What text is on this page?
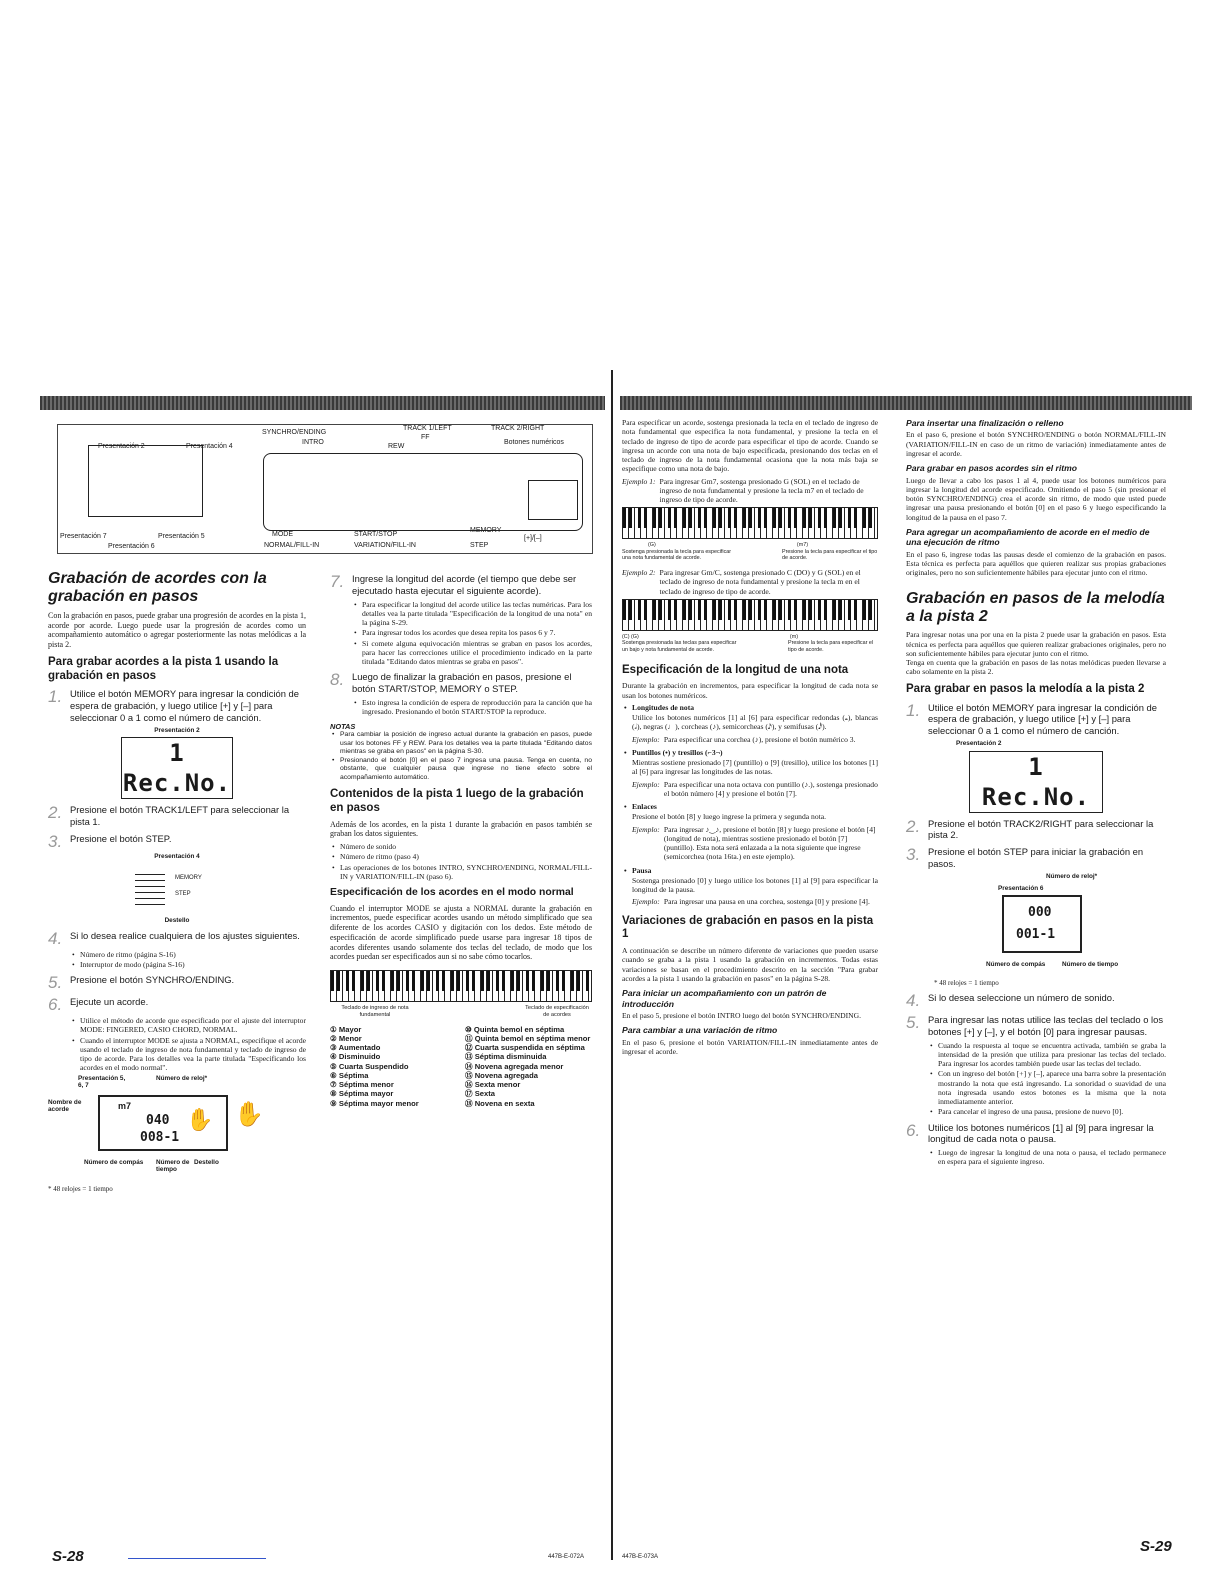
Presentación 2	Presentación 4
Presentación 7	Presentación 5
Presentación 6
SYNCHRO/ENDING
INTRO
TRACK 1/LEFT
FF
REW
TRACK 2/RIGHT
Botones numéricos
MODE
NORMAL/FILL-IN
START/STOP
VARIATION/FILL-IN
MEMORY
STEP
[+]/[–]
Grabación de acordes con la grabación en pasos

Con la grabación en pasos, puede grabar una progresión de acordes en la pista 1, acorde por acorde. Luego puede usar la progresión de acordes como un acompañamiento automático o agregar posteriormente las notas melódicas a la pista 2.

Para grabar acordes a la pista 1 usando la grabación en pasos
1. Utilice el botón MEMORY para ingresar la condición de espera de grabación, y luego utilice [+] y [–] para seleccionar 0 a 1 como el número de canción.
Presentación 2
1 Rec.No.
2. Presione el botón TRACK1/LEFT para seleccionar la pista 1.
3. Presione el botón STEP.
Presentación 4
MEMORY
STEP
Destello
4. Si lo desea realice cualquiera de los ajustes siguientes.
• Número de ritmo (página S-16)
• Interruptor de modo (página S-16)
5. Presione el botón SYNCHRO/ENDING.
6. Ejecute un acorde.
• Utilice el método de acorde que especificado por el ajuste del interruptor MODE: FINGERED, CASIO CHORD, NORMAL.
• Cuando el interruptor MODE se ajusta a NORMAL, especifique el acorde usando el teclado de ingreso de nota fundamental y teclado de ingreso de tipo de acorde. Para los detalles vea la parte titulada "Especificando los acordes en el modo normal".
Presentación 5, 6, 7
Número de reloj*
Nombre de acorde	m7
040
008-1
✋ ✋
Número de compás Número de tiempo
Destello
* 48 relojes = 1 tiempo
S-28
7. Ingrese la longitud del acorde (el tiempo que debe ser ejecutado hasta ejecutar el siguiente acorde).
• Para especificar la longitud del acorde utilice las teclas numéricas. Para los detalles vea la parte titulada "Especificación de la longitud de una nota" en la página S-29.
• Para ingresar todos los acordes que desea repita los pasos 6 y 7.
• Si comete alguna equivocación mientras se graban en pasos los acordes, para hacer las correcciones utilice el procedimiento indicado en la parte titulada "Editando datos mientras se graba en pasos".
8. Luego de finalizar la grabación en pasos, presione el botón START/STOP, MEMORY o STEP.
• Esto ingresa la condición de espera de reproducción para la canción que ha ingresado. Presionando el botón START/STOP la reproduce.
NOTAS
• Para cambiar la posición de ingreso actual durante la grabación en pasos, puede usar los botones FF y REW. Para los detalles vea la parte titulada "Editando datos mientras se graba en pasos" en la página S-30.
• Presionando el botón [0] en el paso 7 ingresa una pausa. Tenga en cuenta, no obstante, que cualquier pausa que ingrese no tiene efecto sobre el acompañamiento automático.
Contenidos de la pista 1 luego de la grabación en pasos

Además de los acordes, en la pista 1 durante la grabación en pasos también se graban los datos siguientes.

• Número de sonido
• Número de ritmo (paso 4)
• Las operaciones de los botones INTRO, SYNCHRO/ENDING, NORMAL/FILL-IN y VARIATION/FILL-IN (paso 6).
Especificación de los acordes en el modo normal

Cuando el interruptor MODE se ajusta a NORMAL durante la grabación en incrementos, puede especificar acordes usando un método simplificado que sea diferente de los acordes CASIO y digitación con los dedos. Este método de especificación de acorde simplificado puede usarse para ingresar 18 tipos de acordes diferentes usando solamente dos teclas del teclado, de modo que los acordes puedan ser especificados aun si no sabe cómo tocarlos.

Teclado de ingreso de nota fundamental
Teclado de especificación de acordes
① Mayor	⑩ Quinta bemol en séptima
② Menor	⑪ Quinta bemol en séptima menor
③ Aumentado	⑫ Cuarta suspendida en séptima
④ Disminuido	⑬ Séptima disminuida
⑤ Cuarta Suspendido	⑭ Novena agregada menor
⑥ Séptima	⑮ Novena agregada
⑦ Séptima menor	⑯ Sexta menor
⑧ Séptima mayor	⑰ Sexta
⑨ Séptima mayor menor	⑱ Novena en sexta
447B-E-072A

Para especificar un acorde, sostenga presionada la tecla en el teclado de ingreso de nota fundamental que especifica la nota fundamental, y presione la tecla en el teclado de ingreso de tipo de acorde para especificar el tipo de acorde. Cuando se ingresa un acorde con una nota de bajo especificada, presionando dos teclas en el teclado de ingreso de la nota fundamental ocasiona que la nota más baja se especifique como una nota de bajo.

Ejemplo 1: Para ingresar Gm7, sostenga presionado G (SOL) en el teclado de ingreso de nota fundamental y presione la tecla m7 en el teclado de ingreso de tipo de acorde.
(G)	(m7)
Sostenga presionada la tecla para especificar una nota fundamental de acorde.
Presione la tecla para especificar el tipo de acorde.
Ejemplo 2: Para ingresar Gm/C, sostenga presionado C (DO) y G (SOL) en el teclado de ingreso de nota fundamental y presione la tecla m en el teclado de ingreso de tipo de acorde.
(C) (G)	(m)
Sostenga presionada las teclas para especificar un bajo y nota fundamental de acorde.
Presione la tecla para especificar el tipo de acorde.
Especificación de la longitud de una nota

Durante la grabación en incrementos, para especificar la longitud de cada nota se usan los botones numéricos.

• Longitudes de nota

Utilice los botones numéricos [1] al [6] para especificar redondas (𝅝), blancas (𝅗𝅥), negras (♩), corcheas (♪), semicorcheas (𝅘𝅥𝅯), y semifusas (𝅘𝅥𝅰).

Ejemplo: Para especificar una corchea (♪), presione el botón numérico 3.
• Puntillos (•) y tresillos (⌐3¬)

Mientras sostiene presionado [7] (puntillo) o [9] (tresillo), utilice los botones [1] al [6] para ingresar las longitudes de las notas.

Ejemplo: Para especificar una nota octava con puntillo (♪.), sostenga presionado el botón número [4] y presione el botón [7].
• Enlaces

Presione el botón [8] y luego ingrese la primera y segunda nota.

Ejemplo: Para ingresar ♪‿♪, presione el botón [8] y luego presione el botón [4] (longitud de nota), mientras sostiene presionado el botón [7] (puntillo). Esta nota será enlazada a la nota siguiente que ingrese (semicorchea (nota 16ta.) en este ejemplo).
• Pausa

Sostenga presionado [0] y luego utilice los botones [1] al [9] para especificar la longitud de la pausa.

Ejemplo: Para ingresar una pausa en una corchea, sostenga [0] y presione [4].
Variaciones de grabación en pasos en la pista 1

A continuación se describe un número diferente de variaciones que pueden usarse cuando se graba a la pista 1 usando la grabación en incrementos. Todas estas variaciones se basan en el procedimiento descrito en la sección "Para grabar acordes a la pista 1 usando la grabación en pasos" en la página S-28.

Para iniciar un acompañamiento con un patrón de introducción

En el paso 5, presione el botón INTRO luego del botón SYNCHRO/ENDING.

Para cambiar a una variación de ritmo

En el paso 6, presione el botón VARIATION/FILL-IN inmediatamente antes de ingresar el acorde.

447B-E-073A
Para insertar una finalización o relleno

En el paso 6, presione el botón SYNCHRO/ENDING o botón NORMAL/FILL-IN (VARIATION/FILL-IN en caso de un ritmo de variación) inmediatamente antes de ingresar el acorde.

Para grabar en pasos acordes sin el ritmo

Luego de llevar a cabo los pasos 1 al 4, puede usar los botones numéricos para ingresar la longitud del acorde especificado. Omitiendo el paso 5 (sin presionar el botón SYNCHRO/ENDING) crea el acorde sin ritmo, de modo que usted puede ingresar una pausa presionando el botón [0] en el paso 6 y luego especificando la longitud de la pausa en el paso 7.

Para agregar un acompañamiento de acorde en el medio de una ejecución de ritmo

En el paso 6, ingrese todas las pausas desde el comienzo de la grabación en pasos. Esta técnica es perfecta para aquéllos que quieren realizar sus propias grabaciones originales, pero no son suficientemente hábiles para ejecutar junto con el ritmo.

Grabación en pasos de la melodía a la pista 2

Para ingresar notas una por una en la pista 2 puede usar la grabación en pasos. Esta técnica es perfecta para aquéllos que quieren realizar grabaciones originales, pero no son suficientemente hábiles para ejecutar junto con el ritmo.

Tenga en cuenta que la grabación en pasos de las notas melódicas pueden llevarse a cabo solamente en la pista 2.

Para grabar en pasos la melodía a la pista 2
1. Utilice el botón MEMORY para ingresar la condición de espera de grabación, y luego utilice [+] y [–] para seleccionar 0 a 1 como el número de canción.
Presentación 2
1 Rec.No.
2. Presione el botón TRACK2/RIGHT para seleccionar la pista 2.
3. Presione el botón STEP para iniciar la grabación en pasos.
Número de reloj*
Presentación 6
000
001-1
Número de compás	Número de tiempo
* 48 relojes = 1 tiempo
4. Si lo desea seleccione un número de sonido.
5. Para ingresar las notas utilice las teclas del teclado o los botones [+] y [–], y el botón [0] para ingresar pausas.
• Cuando la respuesta al toque se encuentra activada, también se graba la intensidad de la presión que utiliza para presionar las teclas del teclado. Para ingresar los acordes también puede usar las teclas del teclado.
• Con un ingreso del botón [+] y [–], aparece una barra sobre la presentación mostrando la nota que está ingresando. La sonoridad o suavidad de una nota ingresada usando estos botones es la misma que la nota inmediatamente anterior.
• Para cancelar el ingreso de una pausa, presione de nuevo [0].
6. Utilice los botones numéricos [1] al [9] para ingresar la longitud de cada nota o pausa.
• Luego de ingresar la longitud de una nota o pausa, el teclado permanece en espera para el siguiente ingreso.
S-29
